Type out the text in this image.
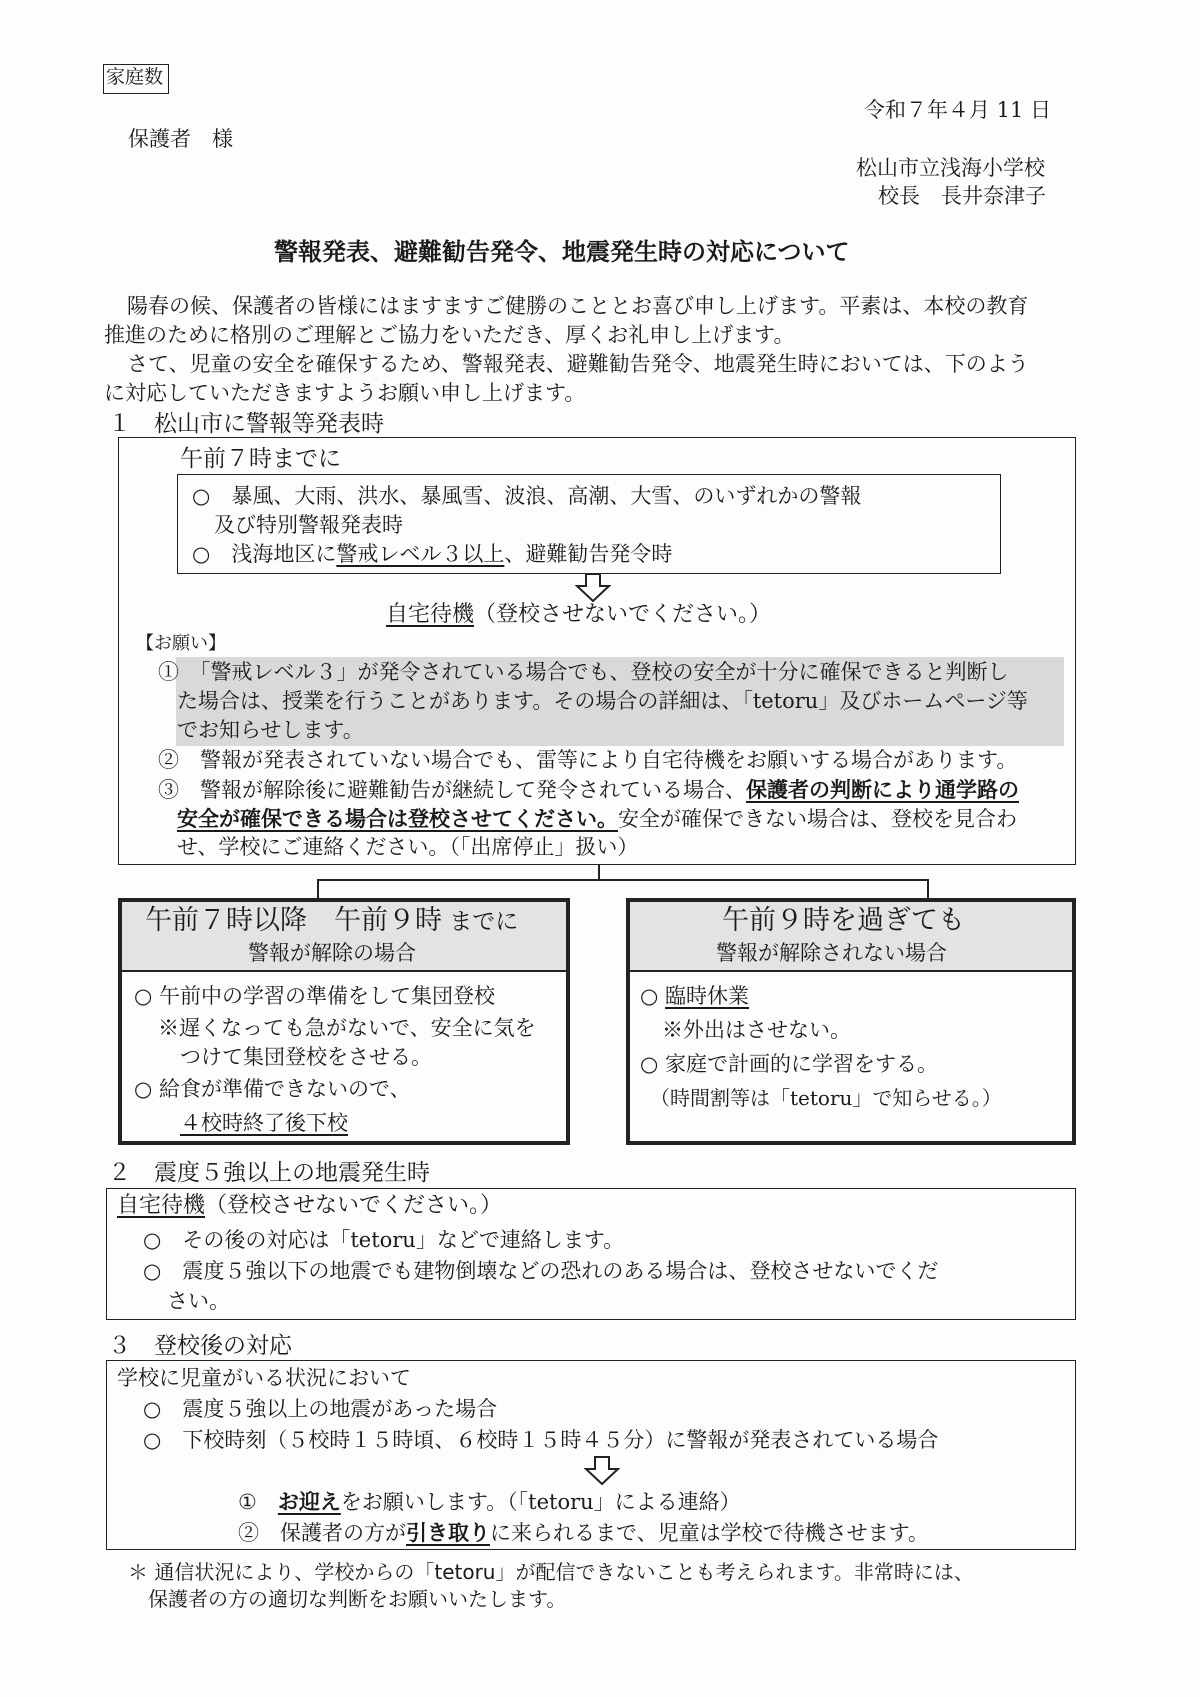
家庭数
令和７年４月 11 日
保護者　様
松山市立浅海小学校
校長　長井奈津子
警報発表、避難勧告発令、地震発生時の対応について
陽春の候、保護者の皆様にはますますご健勝のこととお喜び申し上げます。平素は、本校の教育
推進のために格別のご理解とご協力をいただき、厚くお礼申し上げます。
さて、児童の安全を確保するため、警報発表、避難勧告発令、地震発生時においては、下のよう
に対応していただきますようお願い申し上げます。
１　松山市に警報等発表時
午前７時までに
○　暴風、大雨、洪水、暴風雪、波浪、高潮、大雪、のいずれかの警報
及び特別警報発表時
○　浅海地区に警戒レベル３以上、避難勧告発令時
自宅待機（登校させないでください。）
【お願い】
①　「警戒レベル３」が発令されている場合でも、登校の安全が十分に確保できると判断し
た場合は、授業を行うことがあります。その場合の詳細は、「tetoru」及びホームページ等
でお知らせします。
②　警報が発表されていない場合でも、雷等により自宅待機をお願いする場合があります。
③　警報が解除後に避難勧告が継続して発令されている場合、保護者の判断により通学路の
安全が確保できる場合は登校させてください。安全が確保できない場合は、登校を見合わ
せ、学校にご連絡ください。（「出席停止」扱い）
午前７時以降　午前９時 までに
警報が解除の場合
○ 午前中の学習の準備をして集団登校
※遅くなっても急がないで、安全に気を
つけて集団登校をさせる。
○ 給食が準備できないので、
４校時終了後下校
午前９時を過ぎても
警報が解除されない場合
○ 臨時休業
※外出はさせない。
○ 家庭で計画的に学習をする。
（時間割等は「tetoru」で知らせる。）
２　震度５強以上の地震発生時
自宅待機（登校させないでください。）
○　その後の対応は「tetoru」などで連絡します。
○　震度５強以下の地震でも建物倒壊などの恐れのある場合は、登校させないでくだ
さい。
３　登校後の対応
学校に児童がいる状況において
○　震度５強以上の地震があった場合
○　下校時刻（５校時１５時頃、６校時１５時４５分）に警報が発表されている場合
①　 お迎えをお願いします。（「tetoru」による連絡）
②　保護者の方が引き取りに来られるまで、児童は学校で待機させます。
＊ 通信状況により、学校からの「tetoru」が配信できないことも考えられます。非常時には、
保護者の方の適切な判断をお願いいたします。
